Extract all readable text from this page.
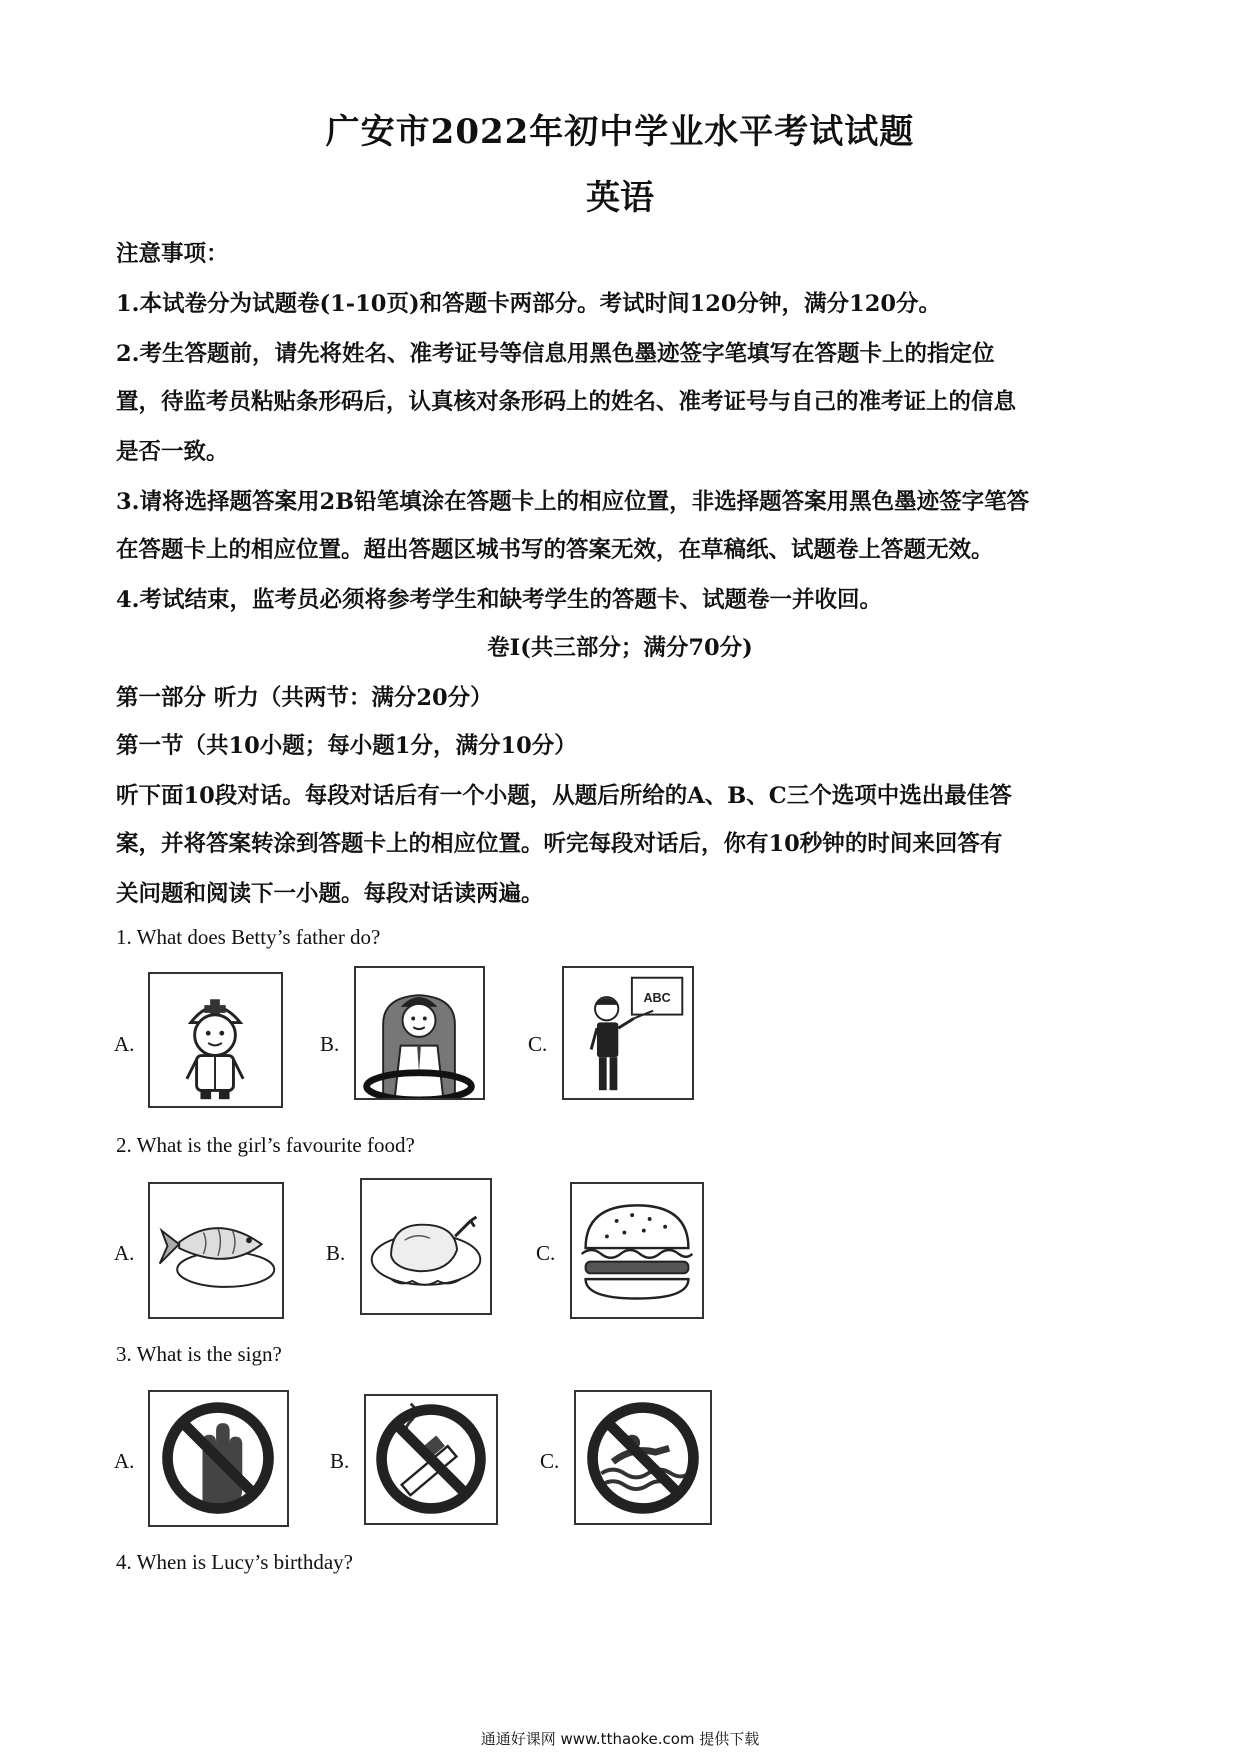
广安市2022年初中学业水平考试试题
英语
注意事项：
1.本试卷分为试题卷(1-10页)和答题卡两部分。考试时间120分钟，满分120分。
2.考生答题前，请先将姓名、准考证号等信息用黑色墨迹签字笔填写在答题卡上的指定位
置，待监考员粘贴条形码后，认真核对条形码上的姓名、准考证号与自己的准考证上的信息
是否一致。
3.请将选择题答案用2B铅笔填涂在答题卡上的相应位置，非选择题答案用黑色墨迹签字笔答
在答题卡上的相应位置。超出答题区城书写的答案无效，在草稿纸、试题卷上答题无效。
4.考试结束，监考员必须将参考学生和缺考学生的答题卡、试题卷一并收回。
卷Ⅰ(共三部分；满分70分)
第一部分 听力（共两节：满分20分）
第一节（共10小题；每小题1分，满分10分）
听下面10段对话。每段对话后有一个小题，从题后所给的A、B、C三个选项中选出最佳答
案，并将答案转涂到答题卡上的相应位置。听完每段对话后，你有10秒钟的时间来回答有
关问题和阅读下一小题。每段对话读两遍。
1. What does Betty’s father do?
A.	B.	C.
ABC
2. What is the girl’s favourite food?
A.	B.	C.
3. What is the sign?
A.	B.	C.
4. When is Lucy’s birthday?
通通好课网 www.tthaoke.com 提供下载
